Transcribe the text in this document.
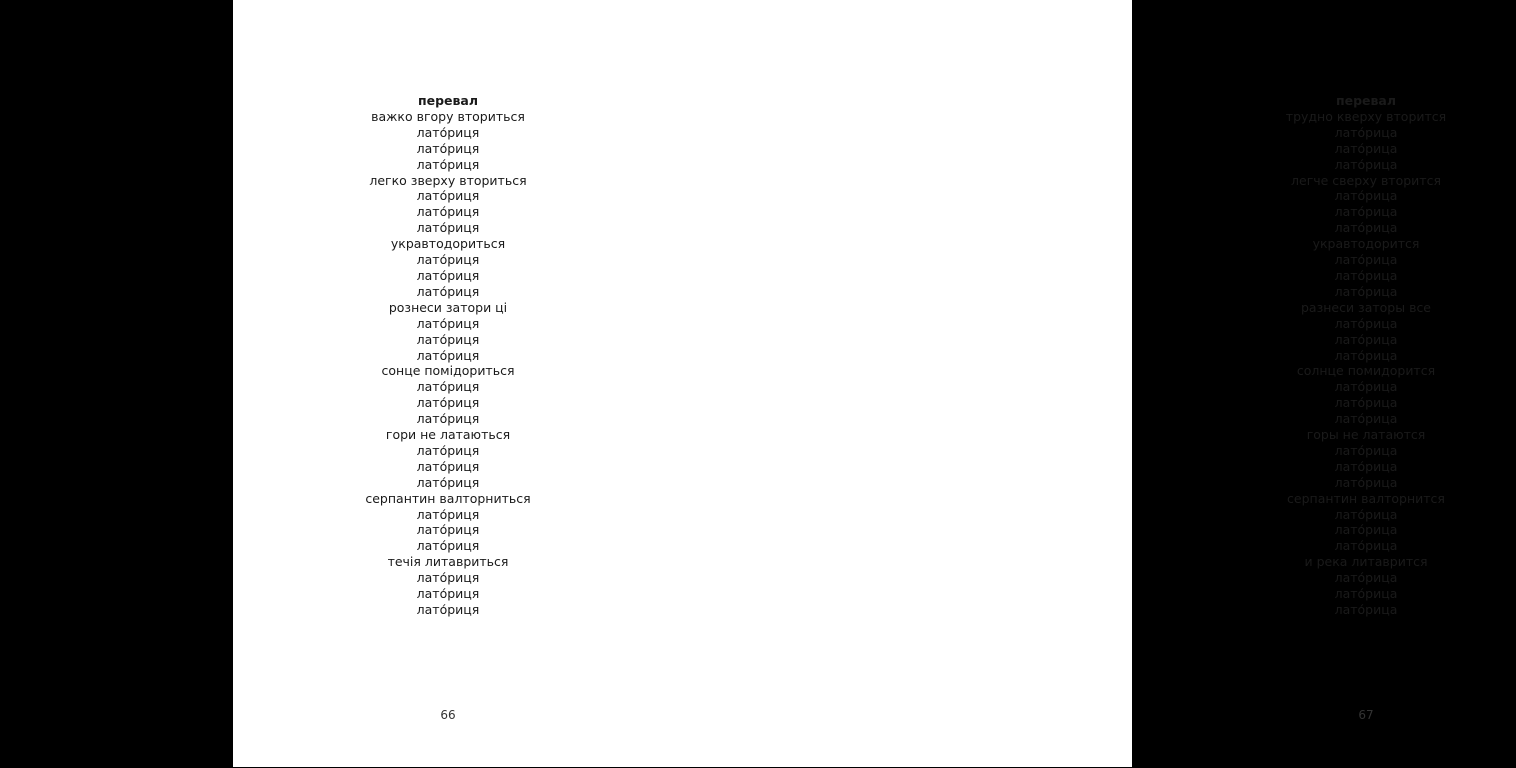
перевал
важко вгору вториться
лато́риця
лато́риця
лато́риця
легко зверху вториться
лато́риця
лато́риця
лато́риця
укравтодориться
лато́риця
лато́риця
лато́риця
рознеси затори ці
лато́риця
лато́риця
лато́риця
сонце помідориться
лато́риця
лато́риця
лато́риця
гори не латаються
лато́риця
лато́риця
лато́риця
серпантин валторниться
лато́риця
лато́риця
лато́риця
течія литавриться
лато́риця
лато́риця
лато́риця
66
перевал
трудно кверху вторится
лато́рица
лато́рица
лато́рица
легче сверху вторится
лато́рица
лато́рица
лато́рица
укравтодорится
лато́рица
лато́рица
лато́рица
разнеси заторы все
лато́рица
лато́рица
лато́рица
солнце помидорится
лато́рица
лато́рица
лато́рица
горы не латаются
лато́рица
лато́рица
лато́рица
серпантин валторнится
лато́рица
лато́рица
лато́рица
и река литаврится
лато́рица
лато́рица
лато́рица
67
